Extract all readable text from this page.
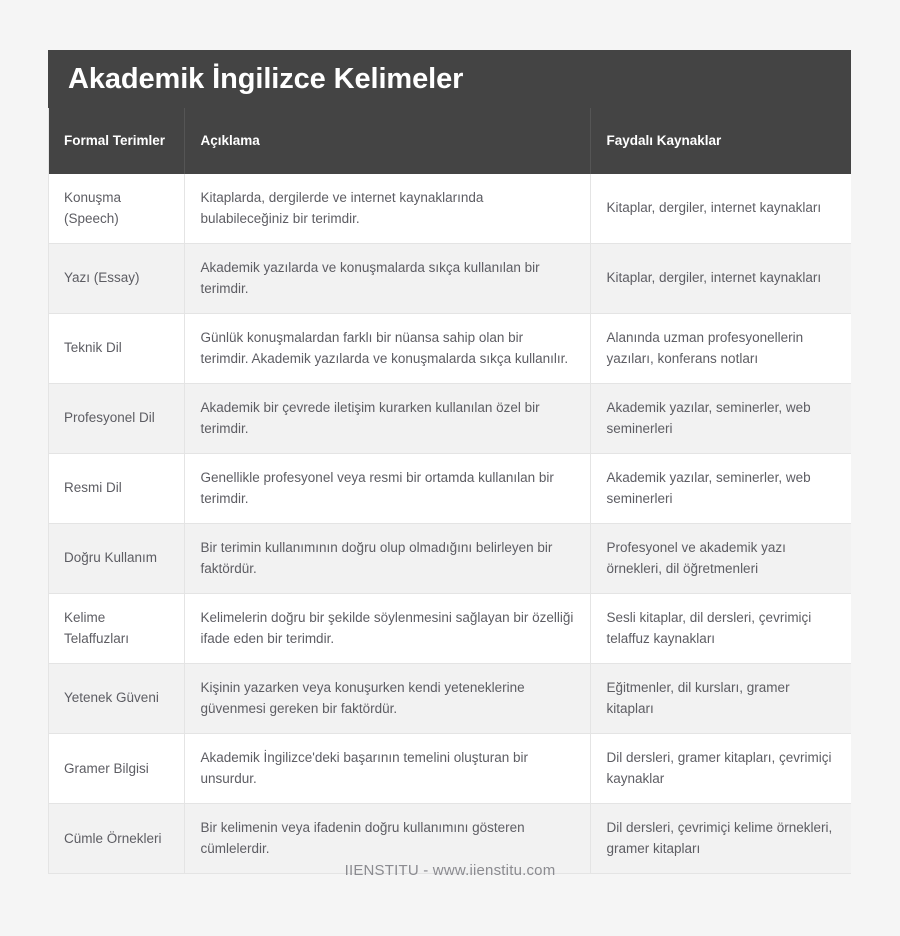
Akademik İngilizce Kelimeler
Formal Terimler	Açıklama	Faydalı Kaynaklar
Konuşma (Speech)	Kitaplarda, dergilerde ve internet kaynaklarında bulabileceğiniz bir terimdir.	Kitaplar, dergiler, internet kaynakları
Yazı (Essay)	Akademik yazılarda ve konuşmalarda sıkça kullanılan bir terimdir.	Kitaplar, dergiler, internet kaynakları
Teknik Dil	Günlük konuşmalardan farklı bir nüansa sahip olan bir terimdir. Akademik yazılarda ve konuşmalarda sıkça kullanılır.	Alanında uzman profesyonellerin yazıları, konferans notları
Profesyonel Dil	Akademik bir çevrede iletişim kurarken kullanılan özel bir terimdir.	Akademik yazılar, seminerler, web seminerleri
Resmi Dil	Genellikle profesyonel veya resmi bir ortamda kullanılan bir terimdir.	Akademik yazılar, seminerler, web seminerleri
Doğru Kullanım	Bir terimin kullanımının doğru olup olmadığını belirleyen bir faktördür.	Profesyonel ve akademik yazı örnekleri, dil öğretmenleri
Kelime Telaffuzları	Kelimelerin doğru bir şekilde söylenmesini sağlayan bir özelliği ifade eden bir terimdir.	Sesli kitaplar, dil dersleri, çevrimiçi telaffuz kaynakları
Yetenek Güveni	Kişinin yazarken veya konuşurken kendi yeteneklerine güvenmesi gereken bir faktördür.	Eğitmenler, dil kursları, gramer kitapları
Gramer Bilgisi	Akademik İngilizce'deki başarının temelini oluşturan bir unsurdur.	Dil dersleri, gramer kitapları, çevrimiçi kaynaklar
Cümle Örnekleri	Bir kelimenin veya ifadenin doğru kullanımını gösteren cümlelerdir.	Dil dersleri, çevrimiçi kelime örnekleri, gramer kitapları
IIENSTITU - www.iienstitu.com
